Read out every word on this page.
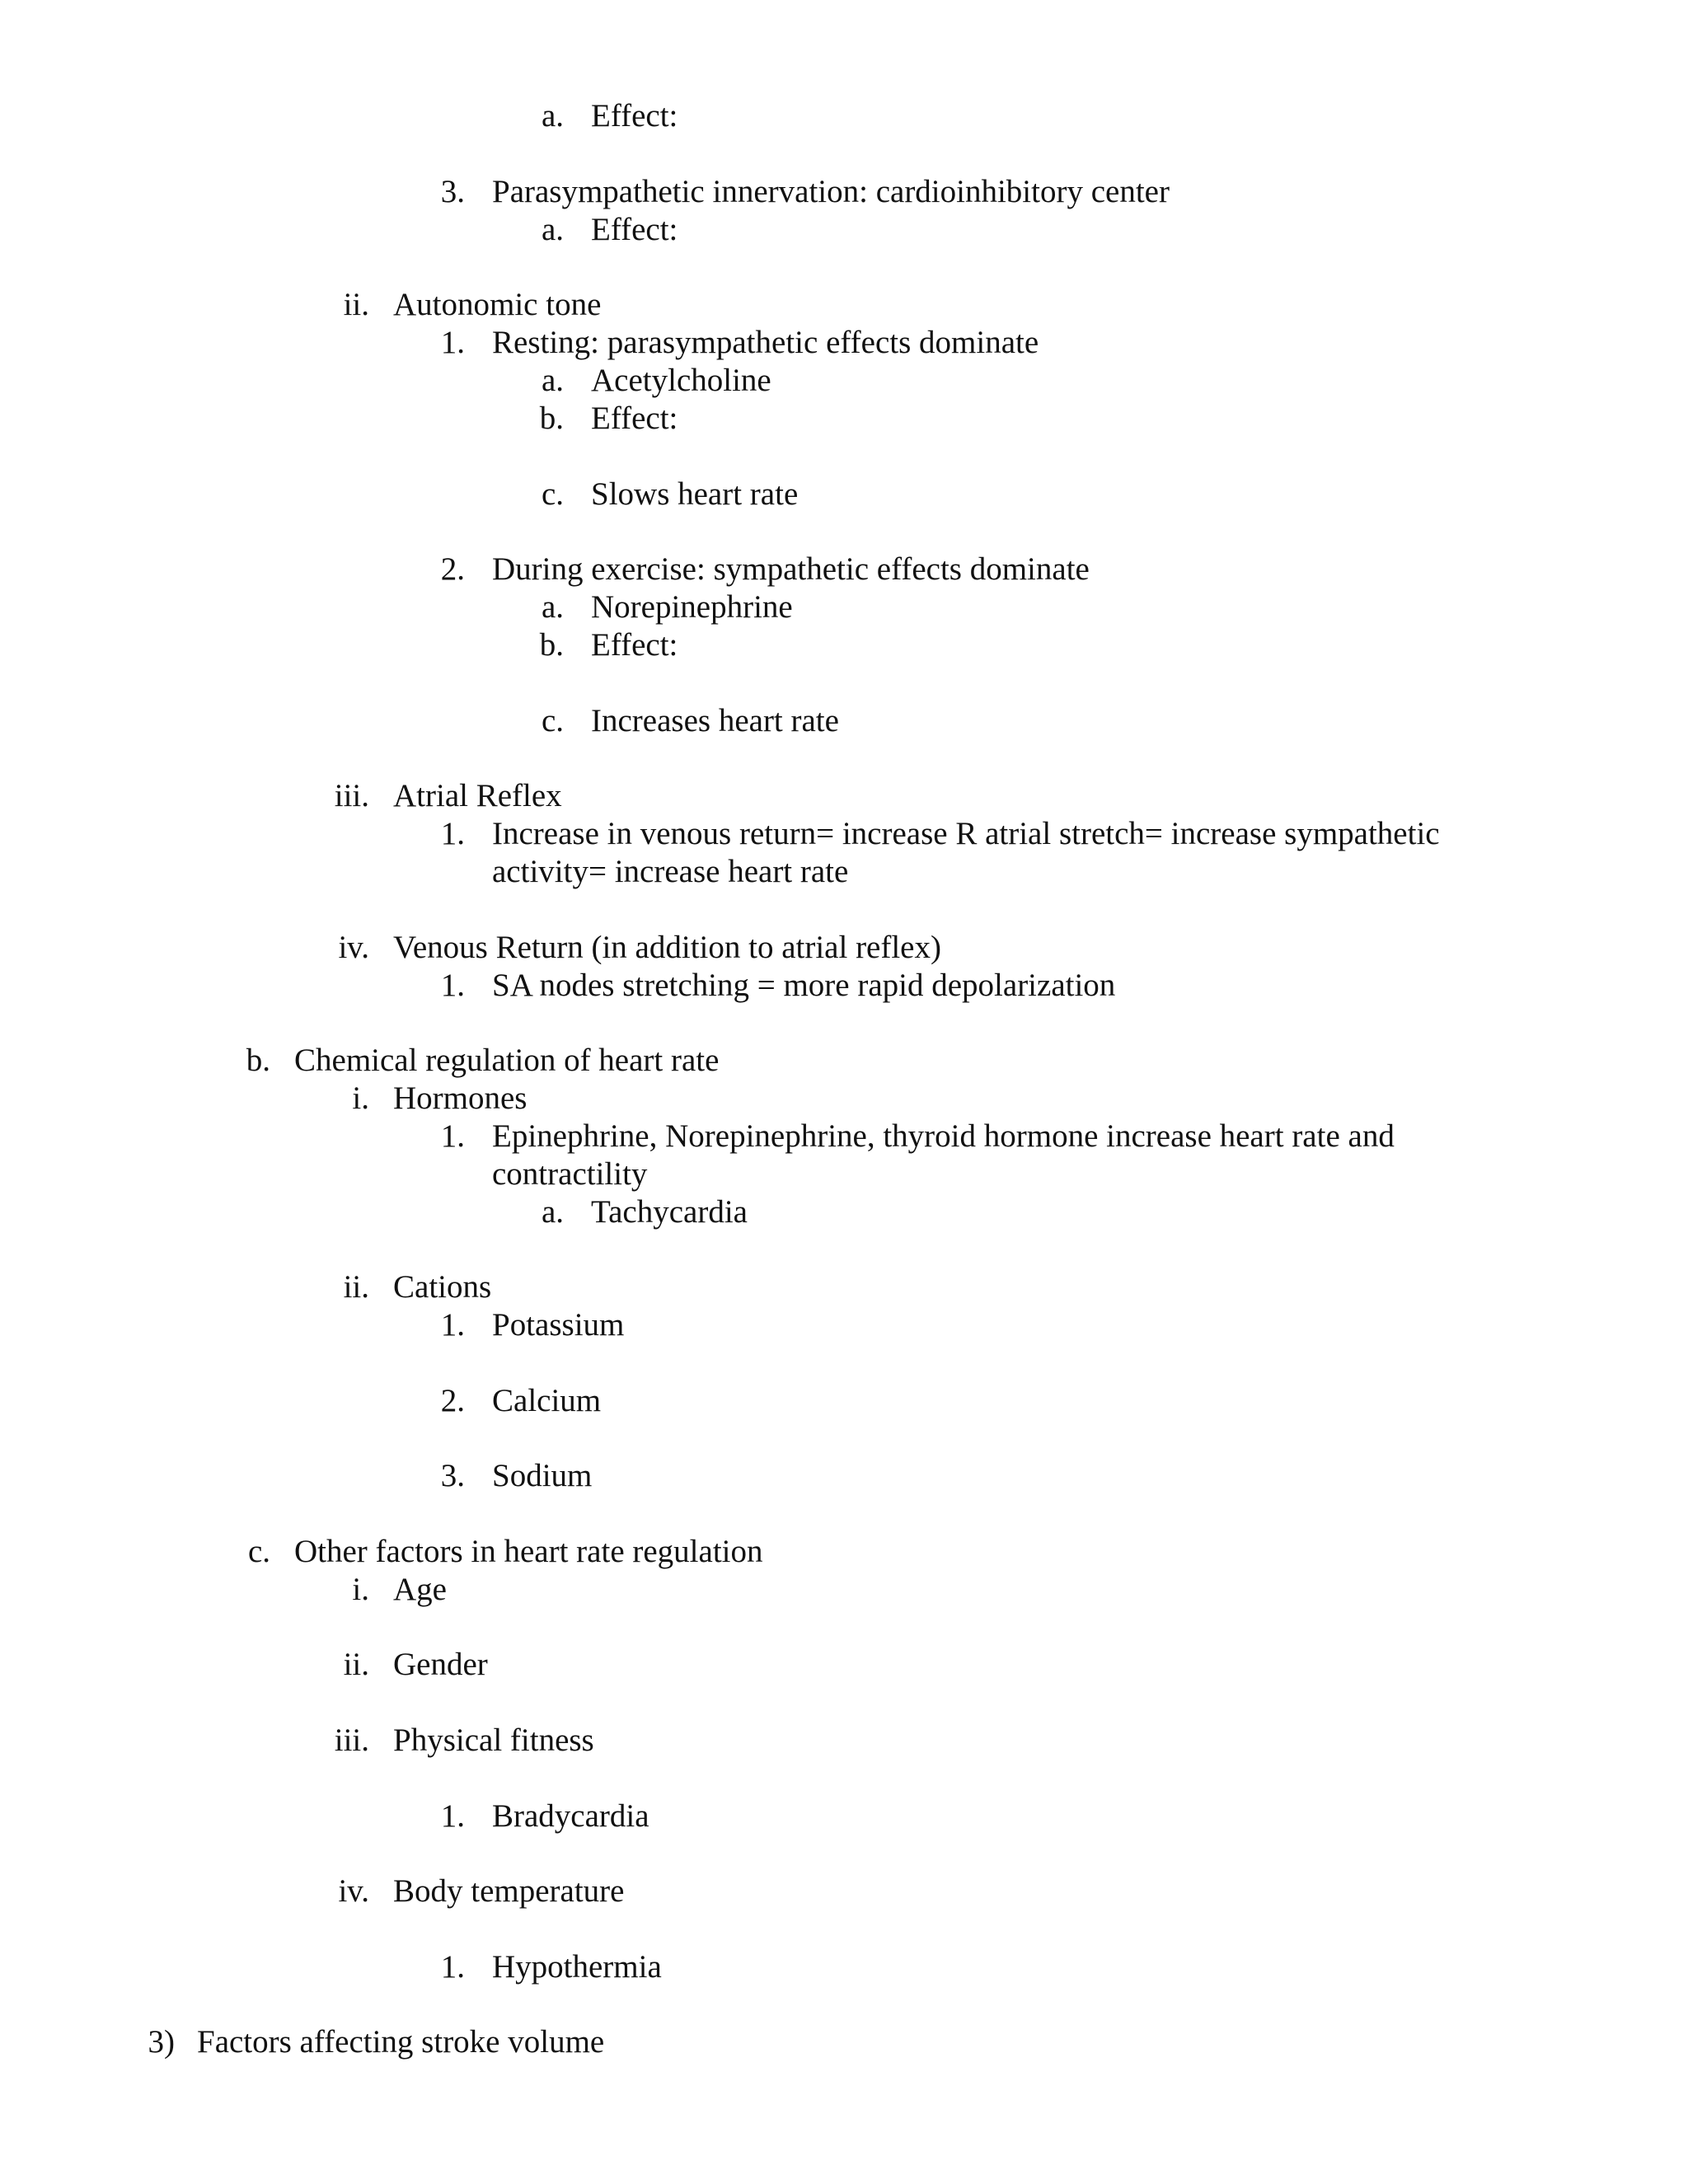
a. Effect:
3. Parasympathetic innervation: cardioinhibitory center
a. Effect:
ii. Autonomic tone
1. Resting: parasympathetic effects dominate
a. Acetylcholine
b. Effect:
c. Slows heart rate
2. During exercise: sympathetic effects dominate
a. Norepinephrine
b. Effect:
c. Increases heart rate
iii. Atrial Reflex
1. Increase in venous return= increase R atrial stretch= increase sympathetic
activity= increase heart rate
iv. Venous Return (in addition to atrial reflex)
1. SA nodes stretching = more rapid depolarization
b. Chemical regulation of heart rate
i. Hormones
1. Epinephrine, Norepinephrine, thyroid hormone increase heart rate and
contractility
a. Tachycardia
ii. Cations
1. Potassium
2. Calcium
3. Sodium
c. Other factors in heart rate regulation
i. Age
ii. Gender
iii. Physical fitness
1. Bradycardia
iv. Body temperature
1. Hypothermia
3) Factors affecting stroke volume
